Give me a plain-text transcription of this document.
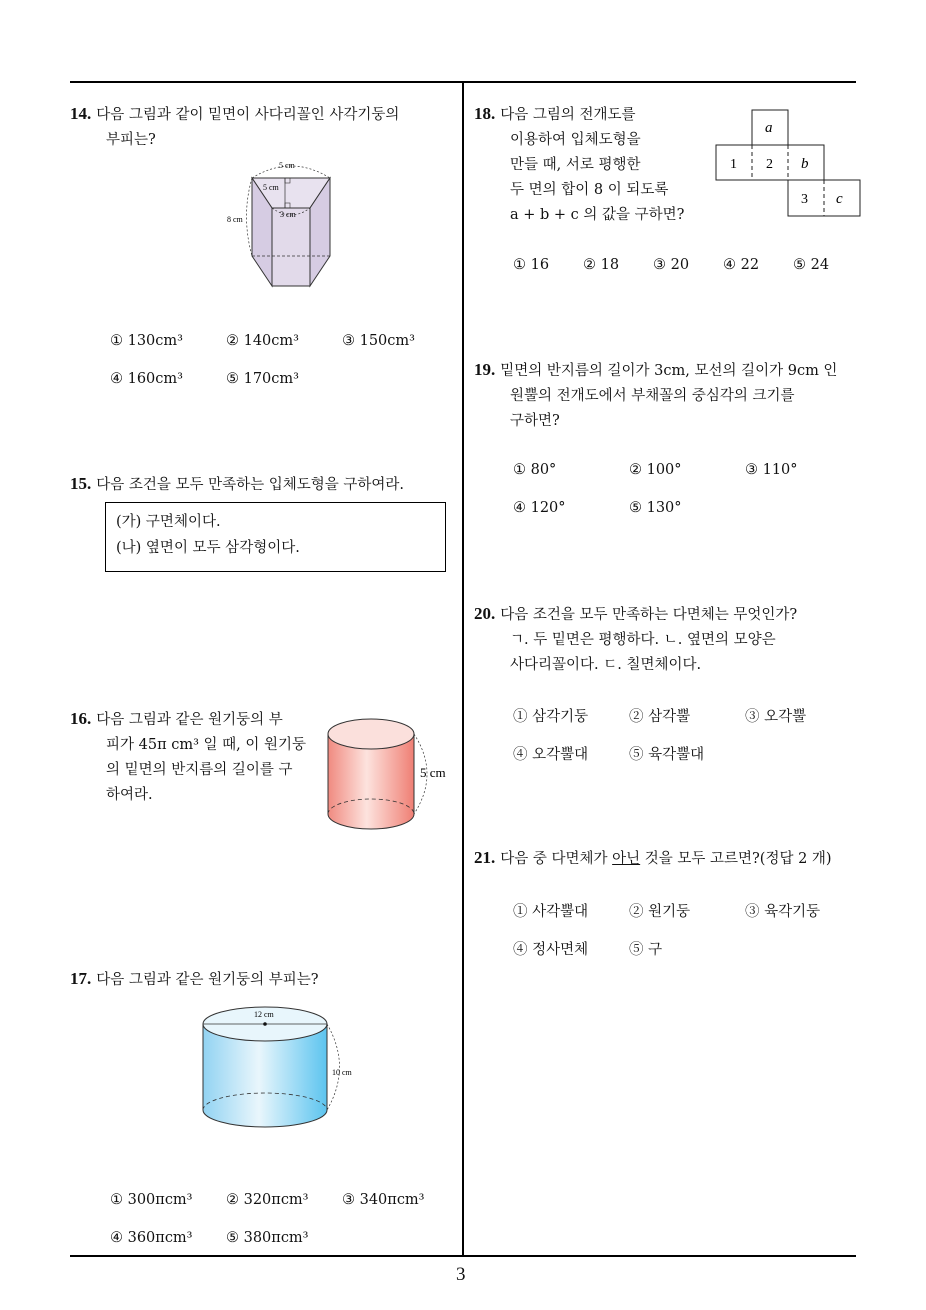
3
14. 다음 그림과 같이 밑면이 사다리꼴인 사각기둥의
부피는?
5 cm
5 cm
3 cm
8 cm
① 130cm³	② 140cm³	③ 150cm³
④ 160cm³	⑤ 170cm³
15. 다음 조건을 모두 만족하는 입체도형을 구하여라.
(가) 구면체이다.
(나) 옆면이 모두 삼각형이다.
16. 다음 그림과 같은 원기둥의 부
피가 45π cm³ 일 때, 이 원기둥
의 밑면의 반지름의 길이를 구
하여라.
5 cm
17. 다음 그림과 같은 원기둥의 부피는?
12 cm
10 cm
① 300πcm³ ② 320πcm³ ③ 340πcm³
④ 360πcm³ ⑤ 380πcm³
18. 다음 그림의 전개도를
이용하여 입체도형을
만들 때, 서로 평행한
두 면의 합이 8 이 되도록
a + b + c 의 값을 구하면?
a
1 2 b
3 c
① 16 ② 18 ③ 20 ④ 22 ⑤ 24
19. 밑면의 반지름의 길이가 3cm, 모선의 길이가 9cm 인
원뿔의 전개도에서 부채꼴의 중심각의 크기를
구하면?
① 80°	② 100°	③ 110°
④ 120°	⑤ 130°
20. 다음 조건을 모두 만족하는 다면체는 무엇인가?
ㄱ. 두 밑면은 평행하다. ㄴ. 옆면의 모양은
사다리꼴이다. ㄷ. 칠면체이다.
① 삼각기둥	② 삼각뿔	③ 오각뿔
④ 오각뿔대	⑤ 육각뿔대
21. 다음 중 다면체가 아닌 것을 모두 고르면?(정답 2 개)
① 사각뿔대	② 원기둥	③ 육각기둥
④ 정사면체	⑤ 구
